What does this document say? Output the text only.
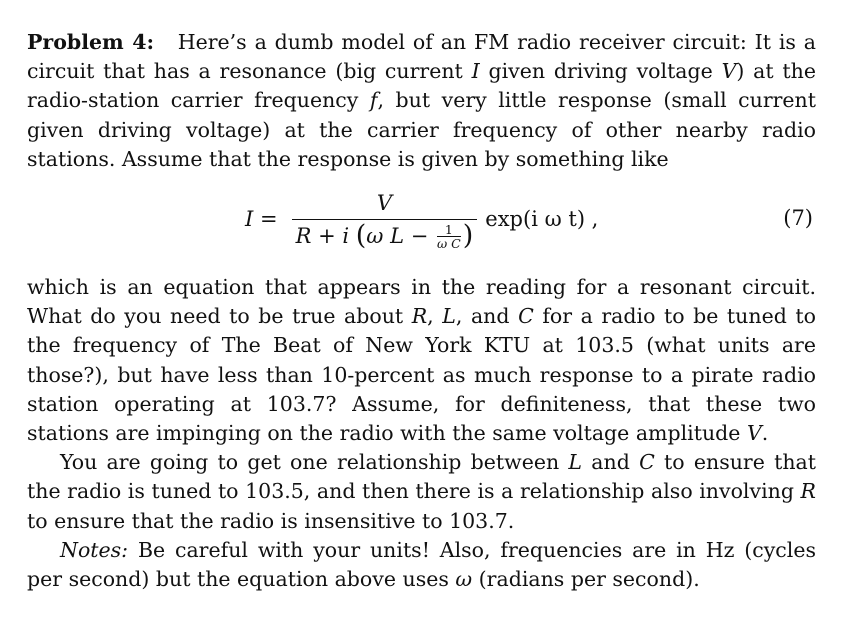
Problem 4: Here’s a dumb model of an FM radio receiver circuit: It is a circuit that has a resonance (big current I given driving voltage V) at the radio-station carrier frequency f, but very little response (small current given driving voltage) at the carrier frequency of other nearby radio stations. Assume that the response is given by something like

I = V
R + i
( ω L −
$\frac{1}{\text{ω C}}$ ) exp(i ω t) ,	(7)

which is an equation that appears in the reading for a resonant circuit. What do you need to be true about R, L, and C for a radio to be tuned to the frequency of The Beat of New York KTU at 103.5 (what units are those?), but have less than 10-percent as much response to a pirate radio station operating at 103.7? Assume, for definiteness, that these two stations are impinging on the radio with the same voltage amplitude V.

You are going to get one relationship between L and C to ensure that the radio is tuned to 103.5, and then there is a relationship also involving R to ensure that the radio is insensitive to 103.7.

Notes: Be careful with your units! Also, frequencies are in Hz (cycles per second) but the equation above uses ω (radians per second).
